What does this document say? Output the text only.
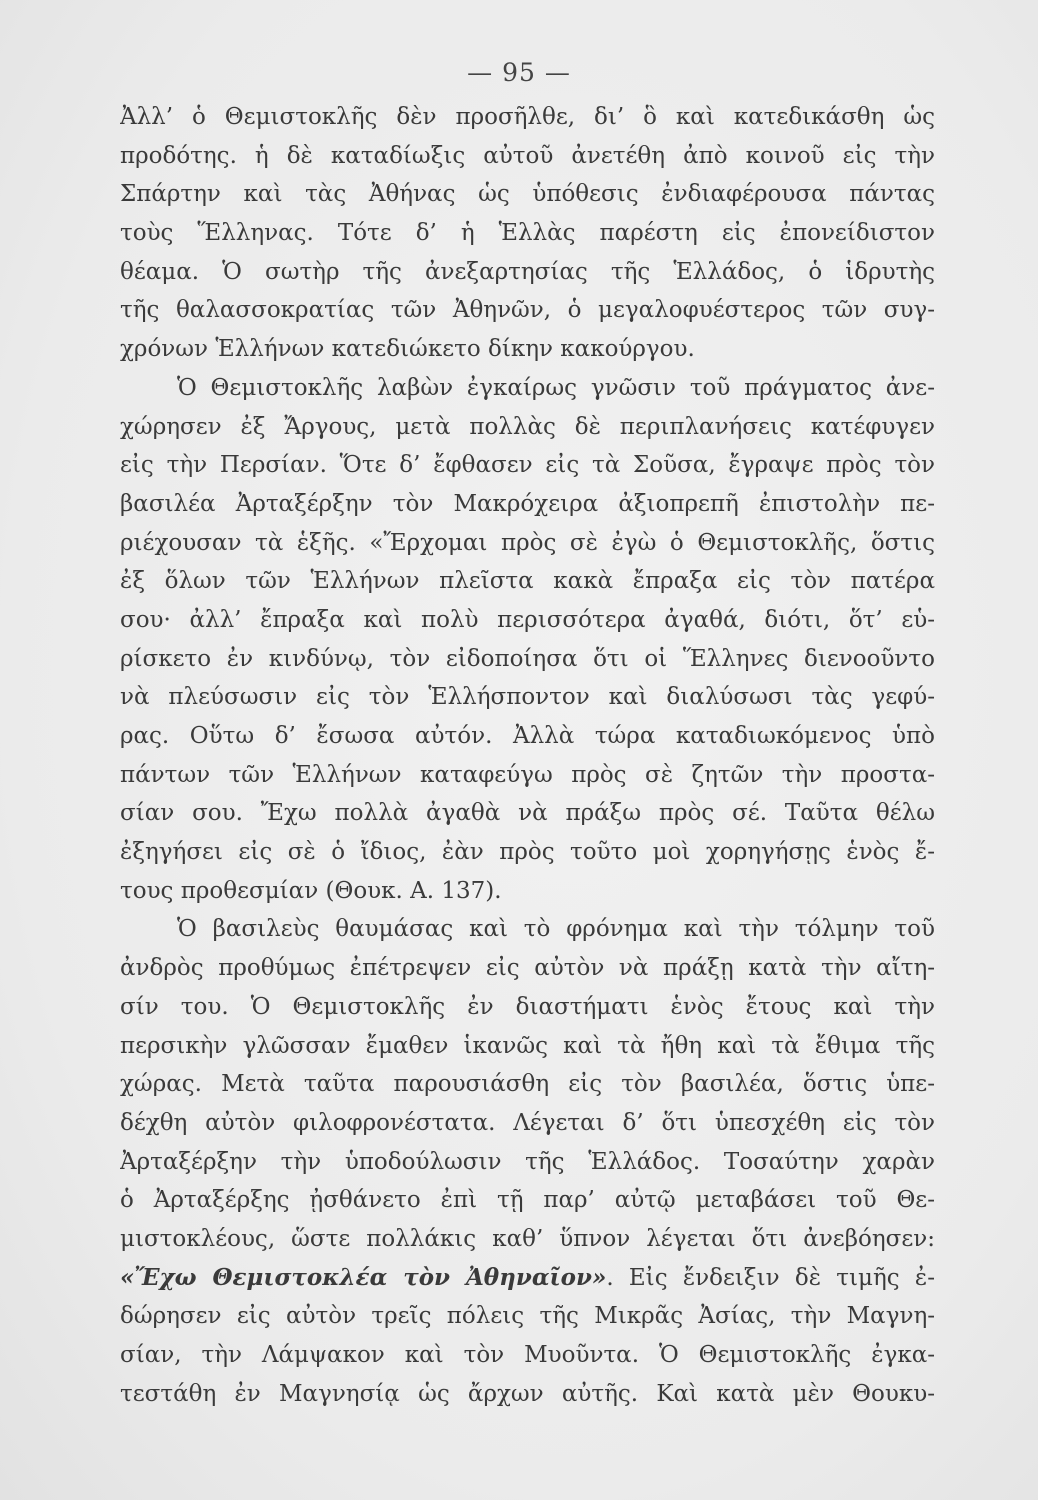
— 95 —
Ἀλλ’ ὁ Θεμιστοκλῆς δὲν προσῆλθε, δι’ ὃ καὶ κατεδικάσθη ὡς
προδότης. ἡ δὲ καταδίωξις αὐτοῦ ἀνετέθη ἀπὸ κοινοῦ εἰς τὴν
Σπάρτην καὶ τὰς Ἀθήνας ὡς ὑπόθεσις ἐνδιαφέρουσα πάντας
τοὺς Ἕλληνας. Τότε δ’ ἡ Ἑλλὰς παρέστη εἰς ἐπονείδιστον
θέαμα. Ὁ σωτὴρ τῆς ἀνεξαρτησίας τῆς Ἑλλάδος, ὁ ἱδρυτὴς
τῆς θαλασσοκρατίας τῶν Ἀθηνῶν, ὁ μεγαλοφυέστερος τῶν συγ-
χρόνων Ἑλλήνων κατεδιώκετο δίκην κακούργου.
Ὁ Θεμιστοκλῆς λαβὼν ἐγκαίρως γνῶσιν τοῦ πράγματος ἀνε-
χώρησεν ἐξ Ἄργους, μετὰ πολλὰς δὲ περιπλανήσεις κατέφυγεν
εἰς τὴν Περσίαν. Ὅτε δ’ ἔφθασεν εἰς τὰ Σοῦσα, ἔγραψε πρὸς τὸν
βασιλέα Ἀρταξέρξην τὸν Μακρόχειρα ἀξιοπρεπῆ ἐπιστολὴν πε-
ριέχουσαν τὰ ἑξῆς. «Ἔρχομαι πρὸς σὲ ἐγὼ ὁ Θεμιστοκλῆς, ὅστις
ἐξ ὅλων τῶν Ἑλλήνων πλεῖστα κακὰ ἔπραξα εἰς τὸν πατέρα
σου· ἀλλ’ ἔπραξα καὶ πολὺ περισσότερα ἀγαθά, διότι, ὅτ’ εὑ-
ρίσκετο ἐν κινδύνῳ, τὸν εἰδοποίησα ὅτι οἱ Ἕλληνες διενοοῦντο
νὰ πλεύσωσιν εἰς τὸν Ἑλλήσποντον καὶ διαλύσωσι τὰς γεφύ-
ρας. Οὕτω δ’ ἔσωσα αὐτόν. Ἀλλὰ τώρα καταδιωκόμενος ὑπὸ
πάντων τῶν Ἑλλήνων καταφεύγω πρὸς σὲ ζητῶν τὴν προστα-
σίαν σου. Ἔχω πολλὰ ἀγαθὰ νὰ πράξω πρὸς σέ. Ταῦτα θέλω
ἐξηγήσει εἰς σὲ ὁ ἴδιος, ἐὰν πρὸς τοῦτο μοὶ χορηγήσῃς ἑνὸς ἔ-
τους προθεσμίαν (Θουκ. Α. 137).
Ὁ βασιλεὺς θαυμάσας καὶ τὸ φρόνημα καὶ τὴν τόλμην τοῦ
ἀνδρὸς προθύμως ἐπέτρεψεν εἰς αὐτὸν νὰ πράξῃ κατὰ τὴν αἴτη-
σίν του. Ὁ Θεμιστοκλῆς ἐν διαστήματι ἑνὸς ἔτους καὶ τὴν
περσικὴν γλῶσσαν ἔμαθεν ἱκανῶς καὶ τὰ ἤθη καὶ τὰ ἔθιμα τῆς
χώρας. Μετὰ ταῦτα παρουσιάσθη εἰς τὸν βασιλέα, ὅστις ὑπε-
δέχθη αὐτὸν φιλοφρονέστατα. Λέγεται δ’ ὅτι ὑπεσχέθη εἰς τὸν
Ἀρταξέρξην τὴν ὑποδούλωσιν τῆς Ἑλλάδος. Τοσαύτην χαρὰν
ὁ Ἀρταξέρξης ᾐσθάνετο ἐπὶ τῇ παρ’ αὐτῷ μεταβάσει τοῦ Θε-
μιστοκλέους, ὥστε πολλάκις καθ’ ὕπνον λέγεται ὅτι ἀνεβόησεν:
«Ἔχω Θεμιστοκλέα τὸν Ἀθηναῖον». Εἰς ἔνδειξιν δὲ τιμῆς ἐ-
δώρησεν εἰς αὐτὸν τρεῖς πόλεις τῆς Μικρᾶς Ἀσίας, τὴν Μαγνη-
σίαν, τὴν Λάμψακον καὶ τὸν Μυοῦντα. Ὁ Θεμιστοκλῆς ἐγκα-
τεστάθη ἐν Μαγνησίᾳ ὡς ἄρχων αὐτῆς. Καὶ κατὰ μὲν Θουκυ-
